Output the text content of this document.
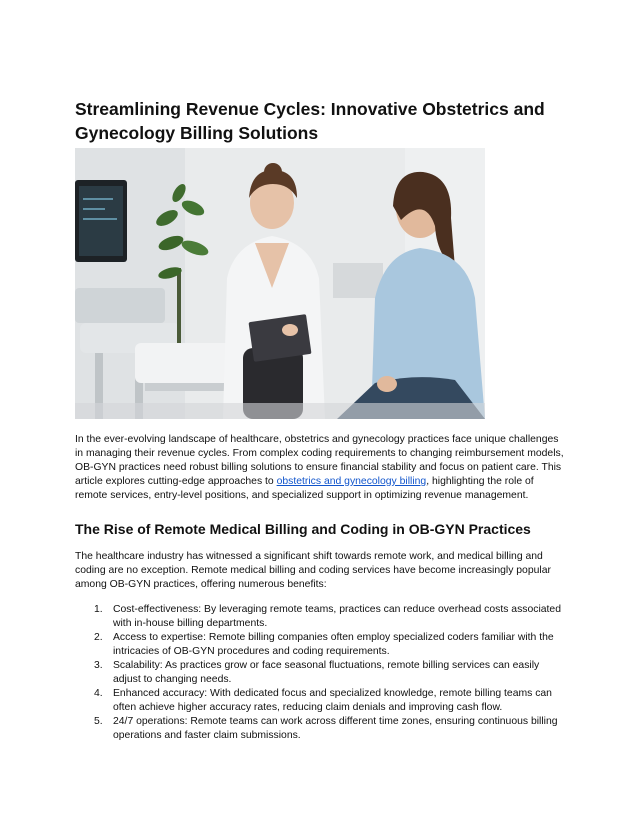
Streamlining Revenue Cycles: Innovative Obstetrics and Gynecology Billing Solutions

In the ever-evolving landscape of healthcare, obstetrics and gynecology practices face unique challenges in managing their revenue cycles. From complex coding requirements to changing reimbursement models, OB-GYN practices need robust billing solutions to ensure financial stability and focus on patient care. This article explores cutting-edge approaches to obstetrics and gynecology billing, highlighting the role of remote services, entry-level positions, and specialized support in optimizing revenue management.

The Rise of Remote Medical Billing and Coding in OB-GYN Practices

The healthcare industry has witnessed a significant shift towards remote work, and medical billing and coding are no exception. Remote medical billing and coding services have become increasingly popular among OB-GYN practices, offering numerous benefits:

1. Cost-effectiveness: By leveraging remote teams, practices can reduce overhead costs associated with in-house billing departments.
2. Access to expertise: Remote billing companies often employ specialized coders familiar with the intricacies of OB-GYN procedures and coding requirements.
3. Scalability: As practices grow or face seasonal fluctuations, remote billing services can easily adjust to changing needs.
4. Enhanced accuracy: With dedicated focus and specialized knowledge, remote billing teams can often achieve higher accuracy rates, reducing claim denials and improving cash flow.
5. 24/7 operations: Remote teams can work across different time zones, ensuring continuous billing operations and faster claim submissions.
